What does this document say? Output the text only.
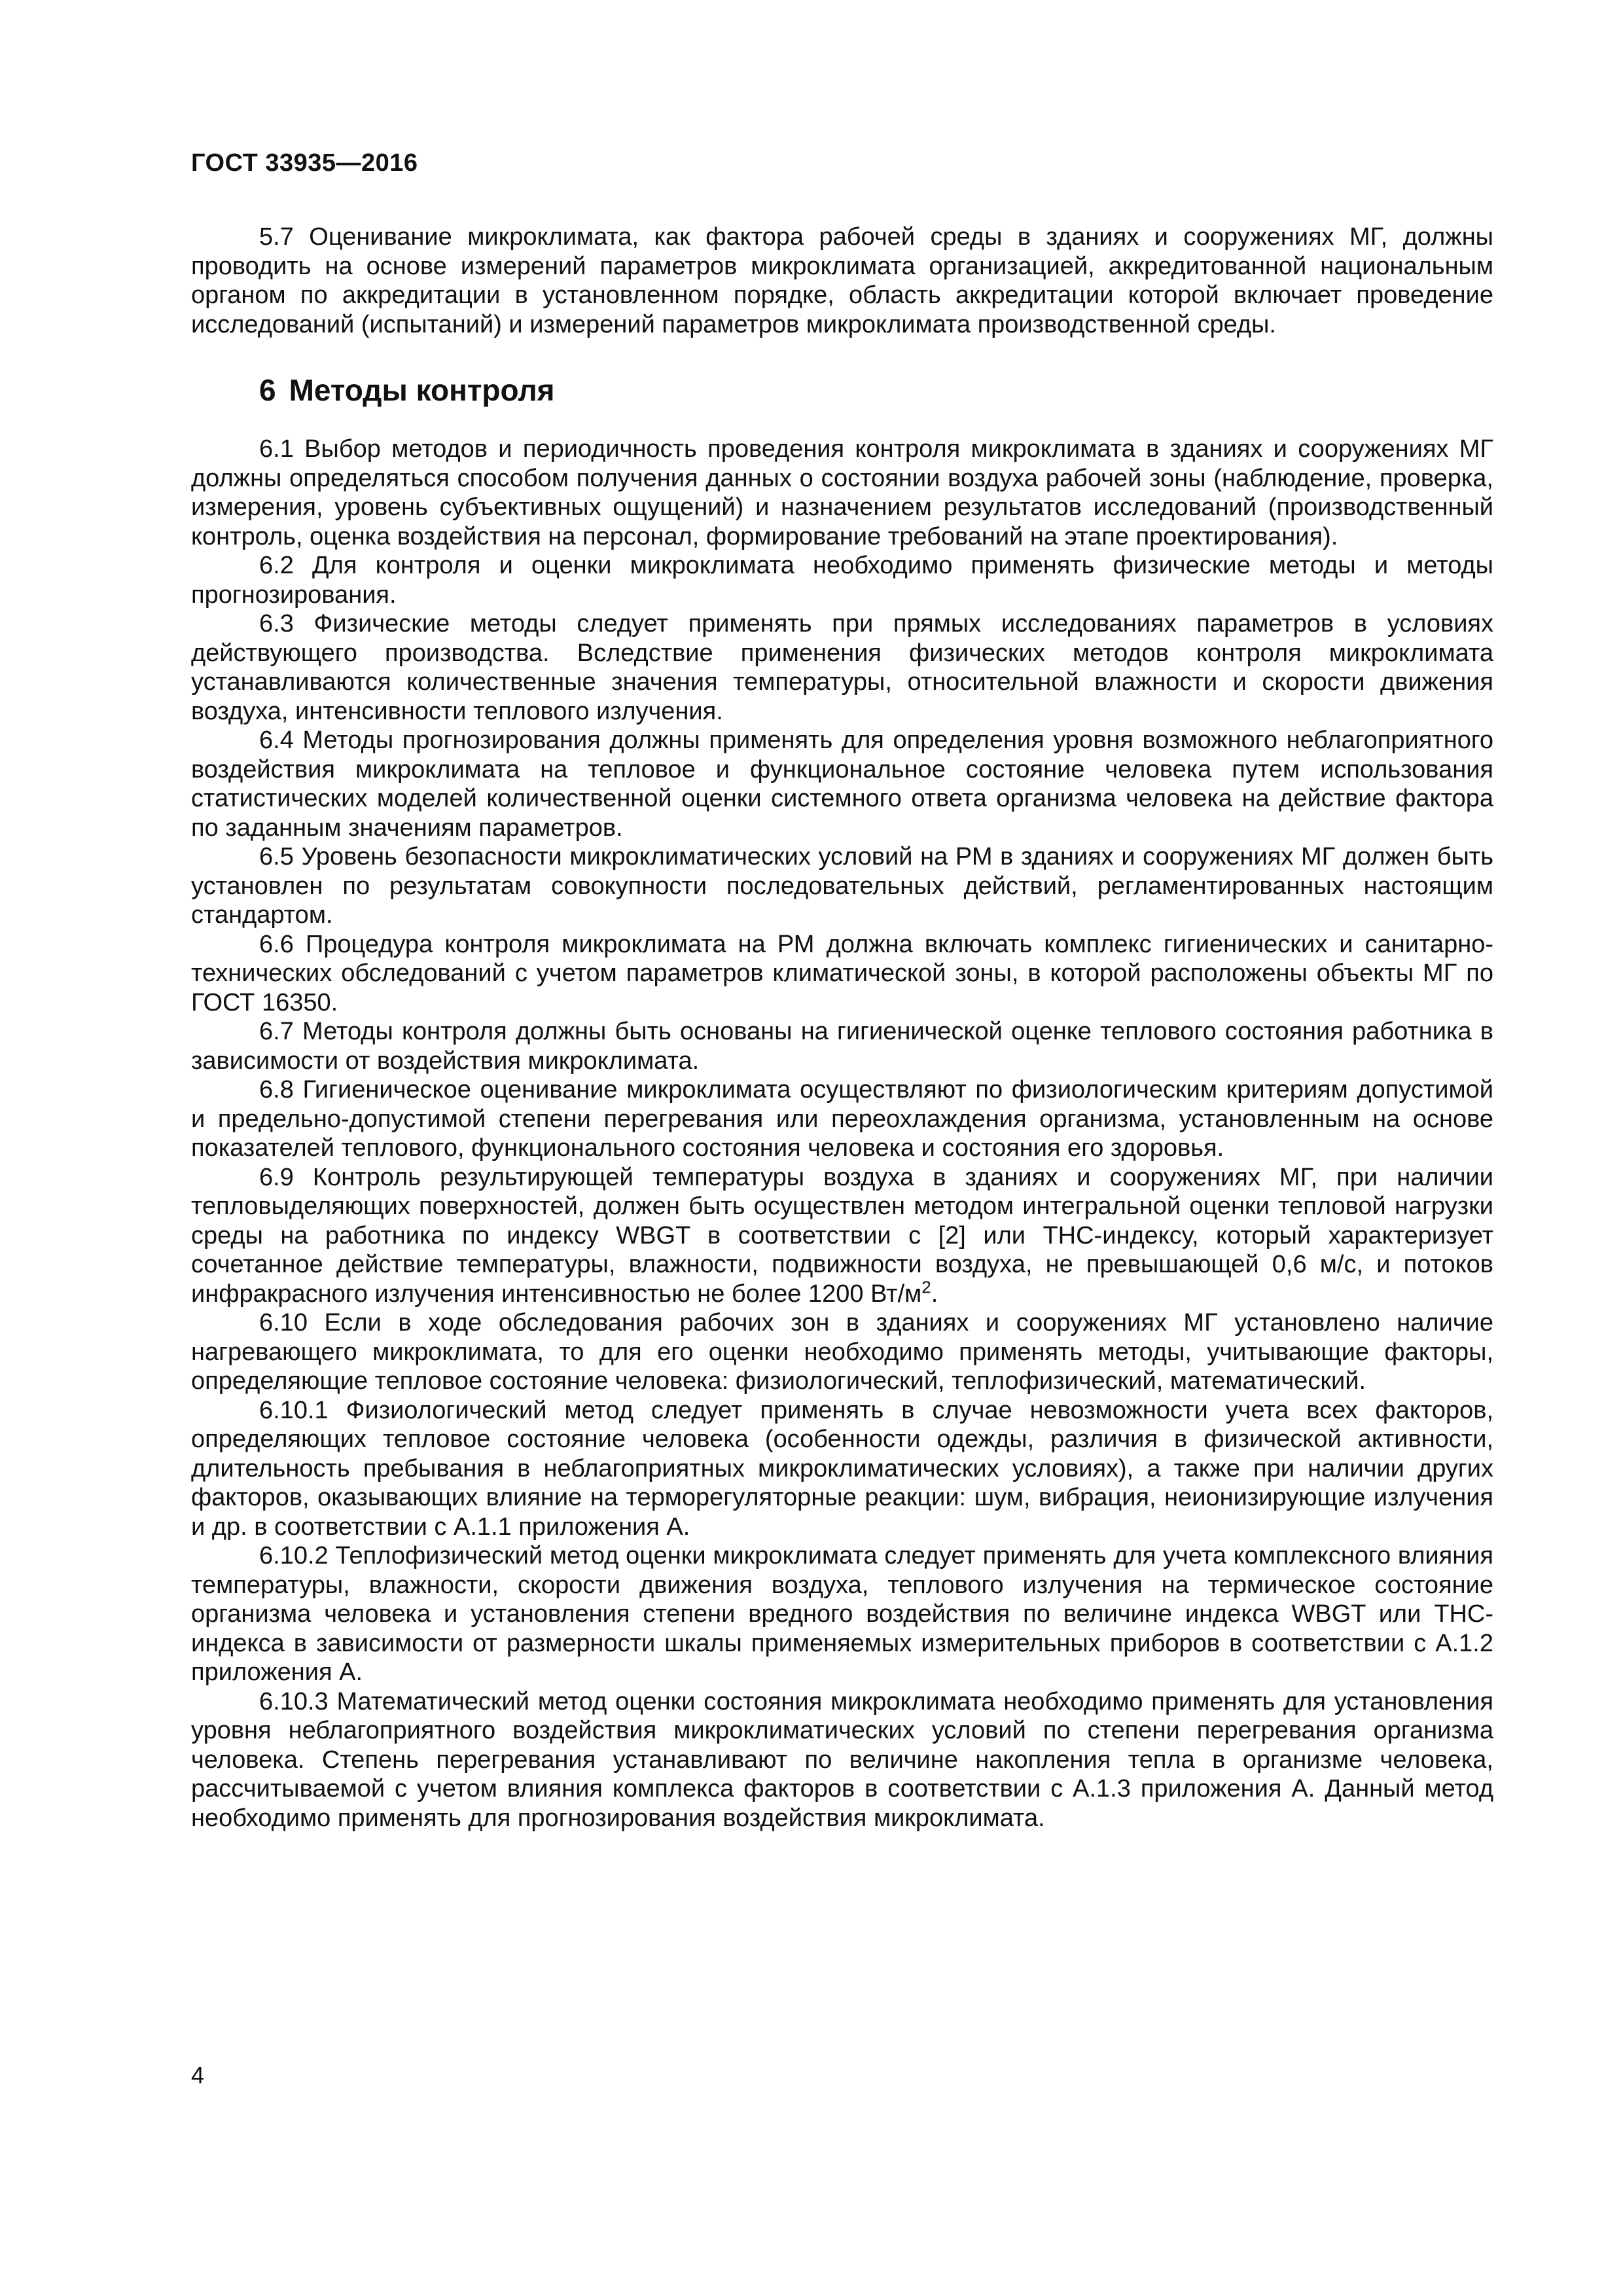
ГОСТ 33935—2016

5.7 Оценивание микроклимата, как фактора рабочей среды в зданиях и сооружениях МГ, должны проводить на основе измерений параметров микроклимата организацией, аккредитованной национальным органом по аккредитации в установленном порядке, область аккредитации которой включает проведение исследований (испытаний) и измерений параметров микроклимата производственной среды.

6 Методы контроля

6.1 Выбор методов и периодичность проведения контроля микроклимата в зданиях и сооружениях МГ должны определяться способом получения данных о состоянии воздуха рабочей зоны (наблюдение, проверка, измерения, уровень субъективных ощущений) и назначением результатов исследований (производственный контроль, оценка воздействия на персонал, формирование требований на этапе проектирования).

6.2 Для контроля и оценки микроклимата необходимо применять физические методы и методы прогнозирования.

6.3 Физические методы следует применять при прямых исследованиях параметров в условиях действующего производства. Вследствие применения физических методов контроля микроклимата устанавливаются количественные значения температуры, относительной влажности и скорости движения воздуха, интенсивности теплового излучения.

6.4 Методы прогнозирования должны применять для определения уровня возможного неблагоприятного воздействия микроклимата на тепловое и функциональное состояние человека путем использования статистических моделей количественной оценки системного ответа организма человека на действие фактора по заданным значениям параметров.

6.5 Уровень безопасности микроклиматических условий на РМ в зданиях и сооружениях МГ должен быть установлен по результатам совокупности последовательных действий, регламентированных настоящим стандартом.

6.6 Процедура контроля микроклимата на РМ должна включать комплекс гигиенических и санитарно-технических обследований с учетом параметров климатической зоны, в которой расположены объекты МГ по ГОСТ 16350.

6.7 Методы контроля должны быть основаны на гигиенической оценке теплового состояния работника в зависимости от воздействия микроклимата.

6.8 Гигиеническое оценивание микроклимата осуществляют по физиологическим критериям допустимой и предельно-допустимой степени перегревания или переохлаждения организма, установленным на основе показателей теплового, функционального состояния человека и состояния его здоровья.

6.9 Контроль результирующей температуры воздуха в зданиях и сооружениях МГ, при наличии тепловыделяющих поверхностей, должен быть осуществлен методом интегральной оценки тепловой нагрузки среды на работника по индексу WBGT в соответствии с [2] или ТНС-индексу, который характеризует сочетанное действие температуры, влажности, подвижности воздуха, не превышающей 0,6 м/с, и потоков инфракрасного излучения интенсивностью не более 1200 $Вт/м^2$.

6.10 Если в ходе обследования рабочих зон в зданиях и сооружениях МГ установлено наличие нагревающего микроклимата, то для его оценки необходимо применять методы, учитывающие факторы, определяющие тепловое состояние человека: физиологический, теплофизический, математический.

6.10.1 Физиологический метод следует применять в случае невозможности учета всех факторов, определяющих тепловое состояние человека (особенности одежды, различия в физической активности, длительность пребывания в неблагоприятных микроклиматических условиях), а также при наличии других факторов, оказывающих влияние на терморегуляторные реакции: шум, вибрация, неионизирующие излучения и др. в соответствии с А.1.1 приложения А.

6.10.2 Теплофизический метод оценки микроклимата следует применять для учета комплексного влияния температуры, влажности, скорости движения воздуха, теплового излучения на термическое состояние организма человека и установления степени вредного воздействия по величине индекса WBGT или ТНС-индекса в зависимости от размерности шкалы применяемых измерительных приборов в соответствии с А.1.2 приложения А.

6.10.3 Математический метод оценки состояния микроклимата необходимо применять для установления уровня неблагоприятного воздействия микроклиматических условий по степени перегревания организма человека. Степень перегревания устанавливают по величине накопления тепла в организме человека, рассчитываемой с учетом влияния комплекса факторов в соответствии с А.1.3 приложения А. Данный метод необходимо применять для прогнозирования воздействия микроклимата.

4
